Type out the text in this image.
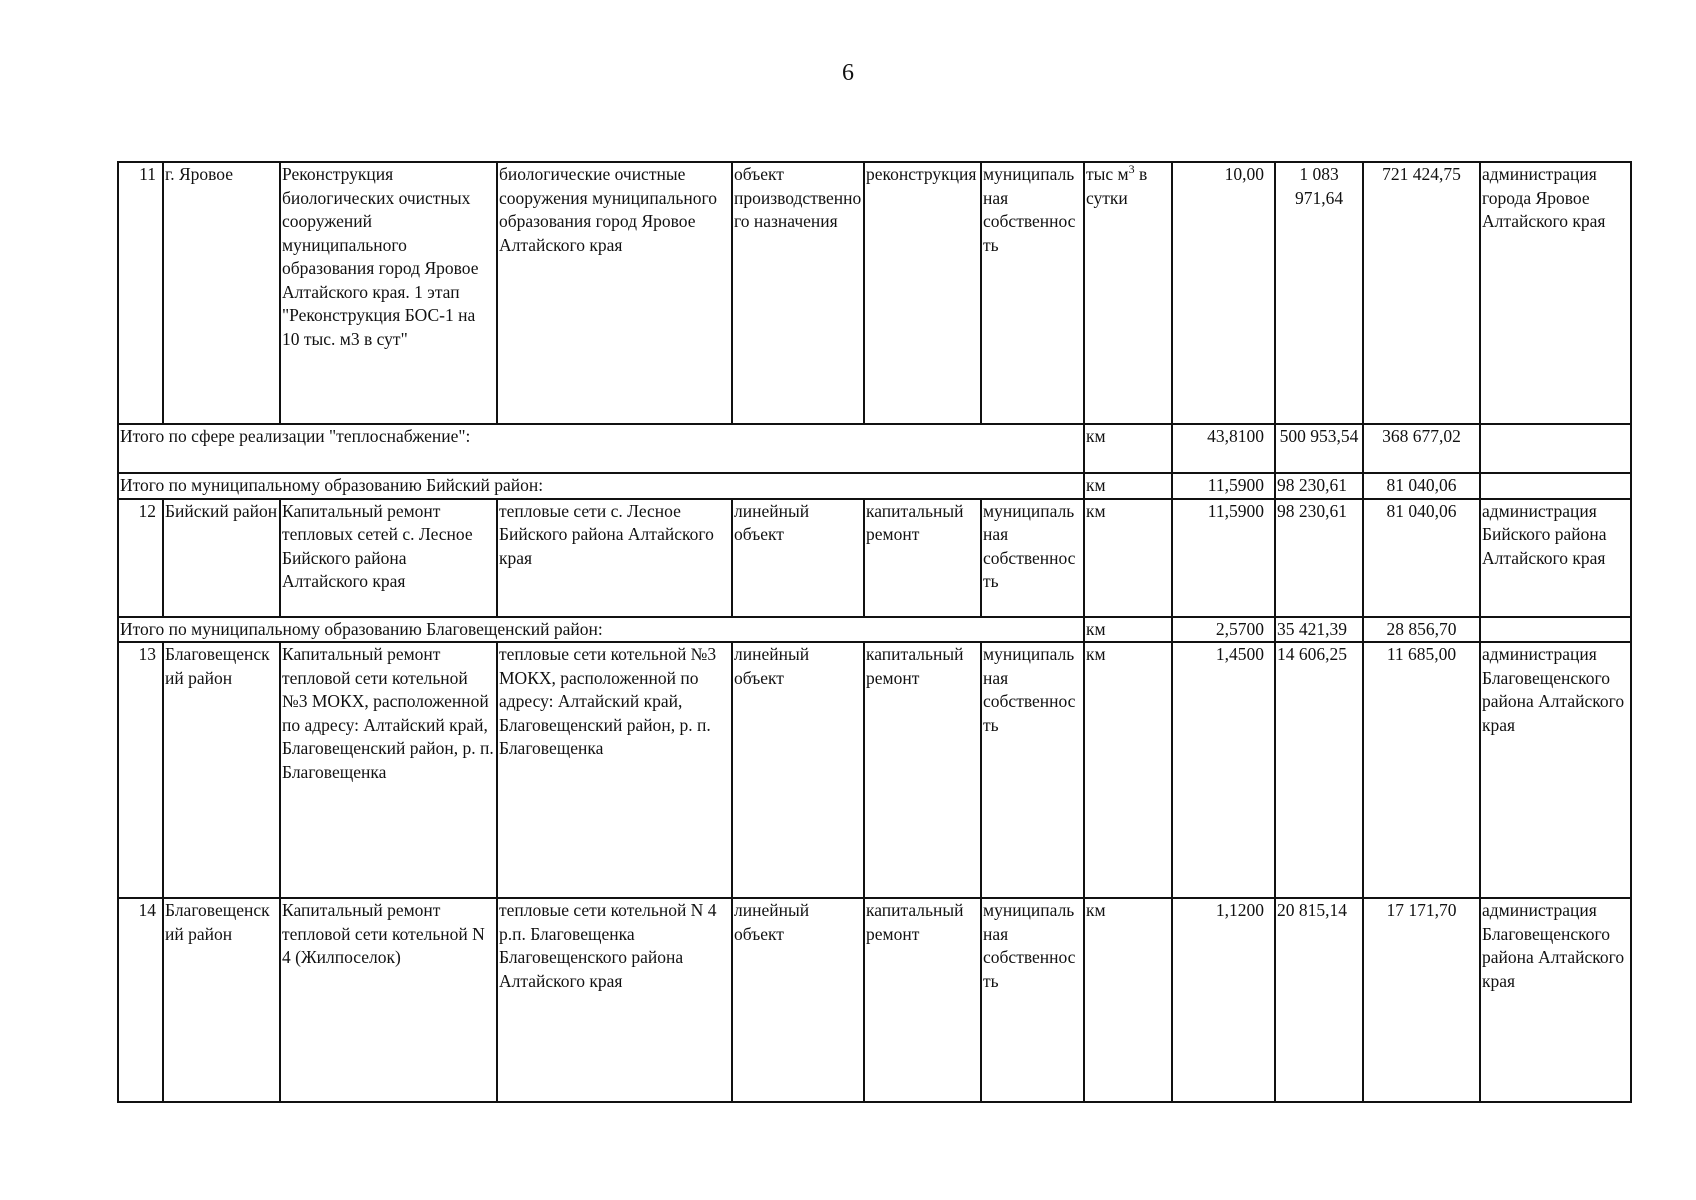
6
11	г. Яровое	Реконструкция биологических очистных сооружений муниципального образования город Яровое Алтайского края. 1 этап "Реконструкция БОС-1 на 10 тыс. м3 в сут"	биологические очистные сооружения муниципального образования город Яровое Алтайского края	объект производственного назначения	реконструкция	муниципальная собственность	тыс $м^3$ в сутки	10,00	1 083 971,64	721 424,75	администрация города Яровое Алтайского края
Итого по сфере реализации "теплоснабжение":							км	43,8100	500 953,54	368 677,02	
Итого по муниципальному образованию Бийский район:							км	11,5900	98 230,61	81 040,06	
12	Бийский район	Капитальный ремонт тепловых сетей с. Лесное Бийского района Алтайского края	тепловые сети с. Лесное Бийского района Алтайского края	линейный объект	капитальный ремонт	муниципальная собственность	км	11,5900	98 230,61	81 040,06	администрация Бийского района Алтайского края
Итого по муниципальному образованию Благовещенский район:							км	2,5700	35 421,39	28 856,70	
13	Благовещенский район	Капитальный ремонт тепловой сети котельной №3 МОКХ, расположенной по адресу: Алтайский край, Благовещенский район, р. п. Благовещенка	тепловые сети котельной №3 МОКХ, расположенной по адресу: Алтайский край, Благовещенский район, р. п. Благовещенка	линейный объект	капитальный ремонт	муниципальная собственность	км	1,4500	14 606,25	11 685,00	администрация Благовещенского района Алтайского края
14	Благовещенский район	Капитальный ремонт тепловой сети котельной N 4 (Жилпоселок)	тепловые сети котельной N 4 р.п. Благовещенка Благовещенского района Алтайского края	линейный объект	капитальный ремонт	муниципальная собственность	км	1,1200	20 815,14	17 171,70	администрация Благовещенского района Алтайского края
